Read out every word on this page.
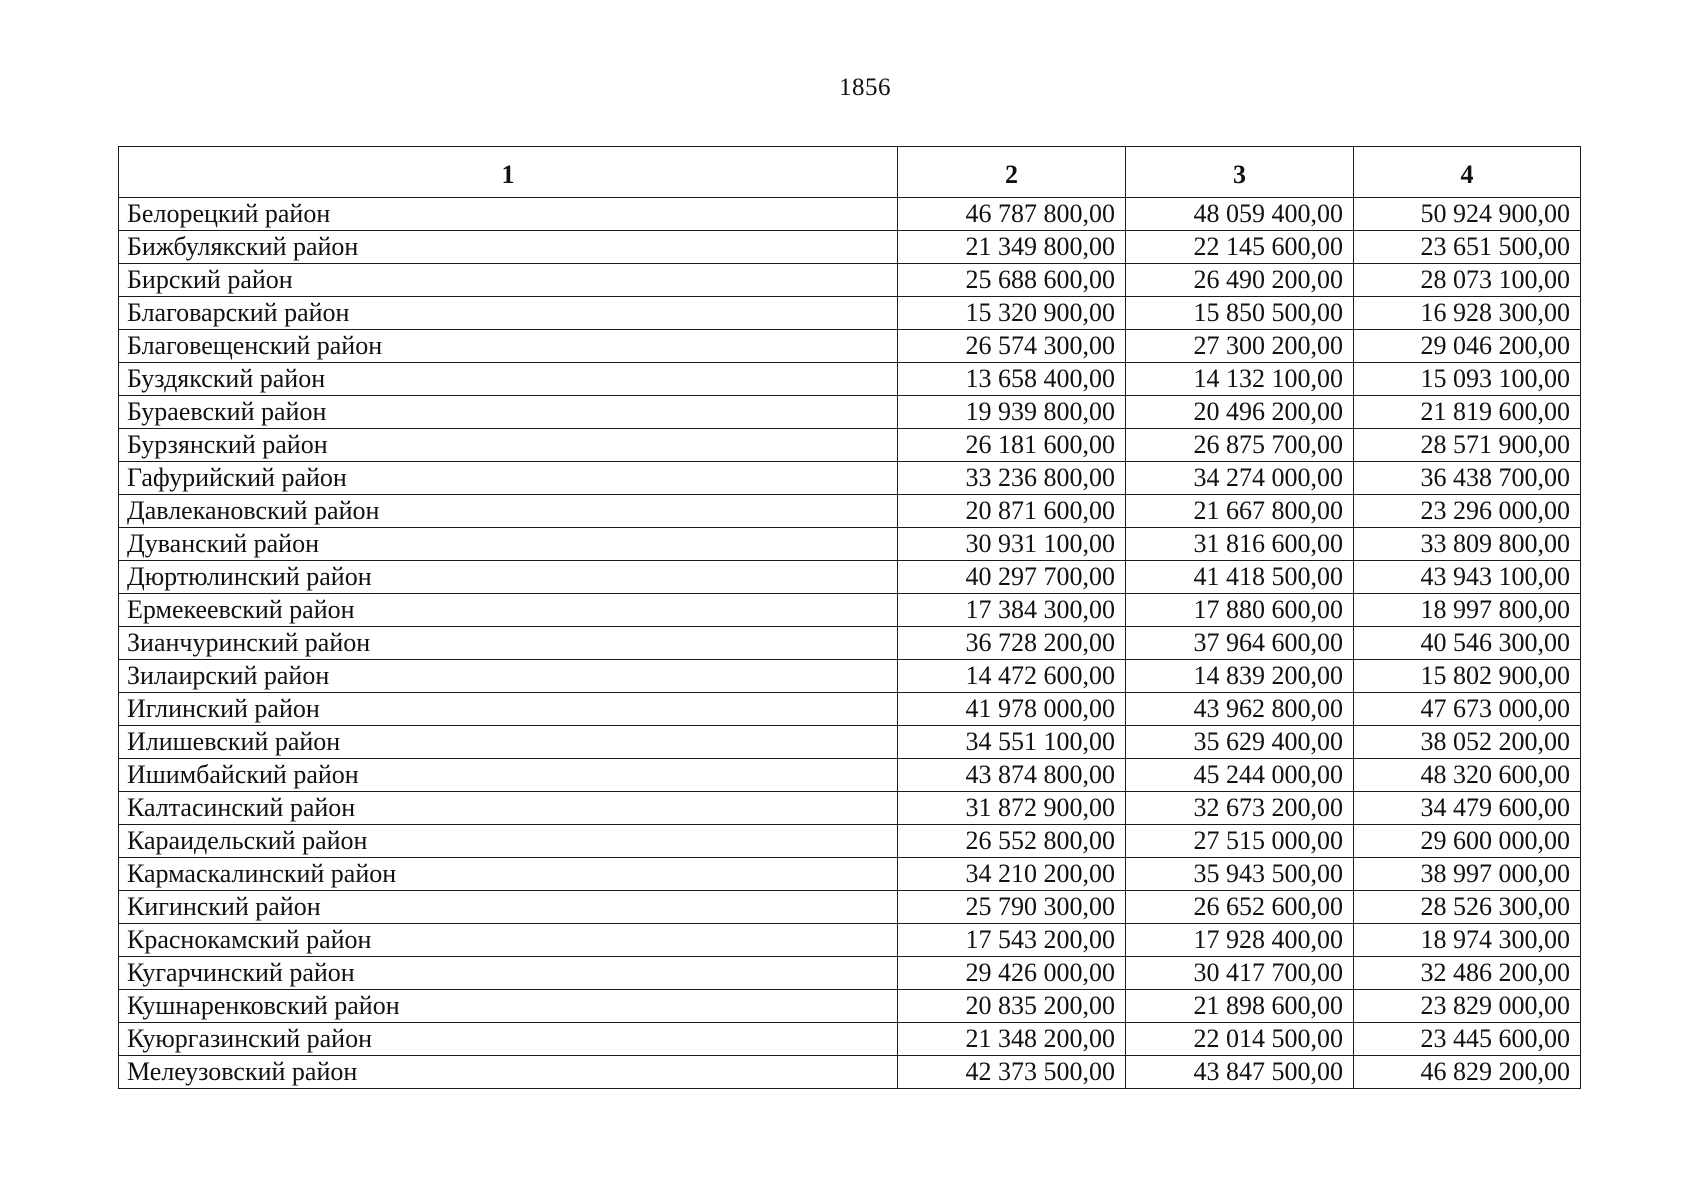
1856
1	2	3	4
Белорецкий район	46 787 800,00	48 059 400,00	50 924 900,00
Бижбулякский район	21 349 800,00	22 145 600,00	23 651 500,00
Бирский район	25 688 600,00	26 490 200,00	28 073 100,00
Благоварский район	15 320 900,00	15 850 500,00	16 928 300,00
Благовещенский район	26 574 300,00	27 300 200,00	29 046 200,00
Буздякский район	13 658 400,00	14 132 100,00	15 093 100,00
Бураевский район	19 939 800,00	20 496 200,00	21 819 600,00
Бурзянский район	26 181 600,00	26 875 700,00	28 571 900,00
Гафурийский район	33 236 800,00	34 274 000,00	36 438 700,00
Давлекановский район	20 871 600,00	21 667 800,00	23 296 000,00
Дуванский район	30 931 100,00	31 816 600,00	33 809 800,00
Дюртюлинский район	40 297 700,00	41 418 500,00	43 943 100,00
Ермекеевский район	17 384 300,00	17 880 600,00	18 997 800,00
Зианчуринский район	36 728 200,00	37 964 600,00	40 546 300,00
Зилаирский район	14 472 600,00	14 839 200,00	15 802 900,00
Иглинский район	41 978 000,00	43 962 800,00	47 673 000,00
Илишевский район	34 551 100,00	35 629 400,00	38 052 200,00
Ишимбайский район	43 874 800,00	45 244 000,00	48 320 600,00
Калтасинский район	31 872 900,00	32 673 200,00	34 479 600,00
Караидельский район	26 552 800,00	27 515 000,00	29 600 000,00
Кармаскалинский район	34 210 200,00	35 943 500,00	38 997 000,00
Кигинский район	25 790 300,00	26 652 600,00	28 526 300,00
Краснокамский район	17 543 200,00	17 928 400,00	18 974 300,00
Кугарчинский район	29 426 000,00	30 417 700,00	32 486 200,00
Кушнаренковский район	20 835 200,00	21 898 600,00	23 829 000,00
Куюргазинский район	21 348 200,00	22 014 500,00	23 445 600,00
Мелеузовский район	42 373 500,00	43 847 500,00	46 829 200,00
